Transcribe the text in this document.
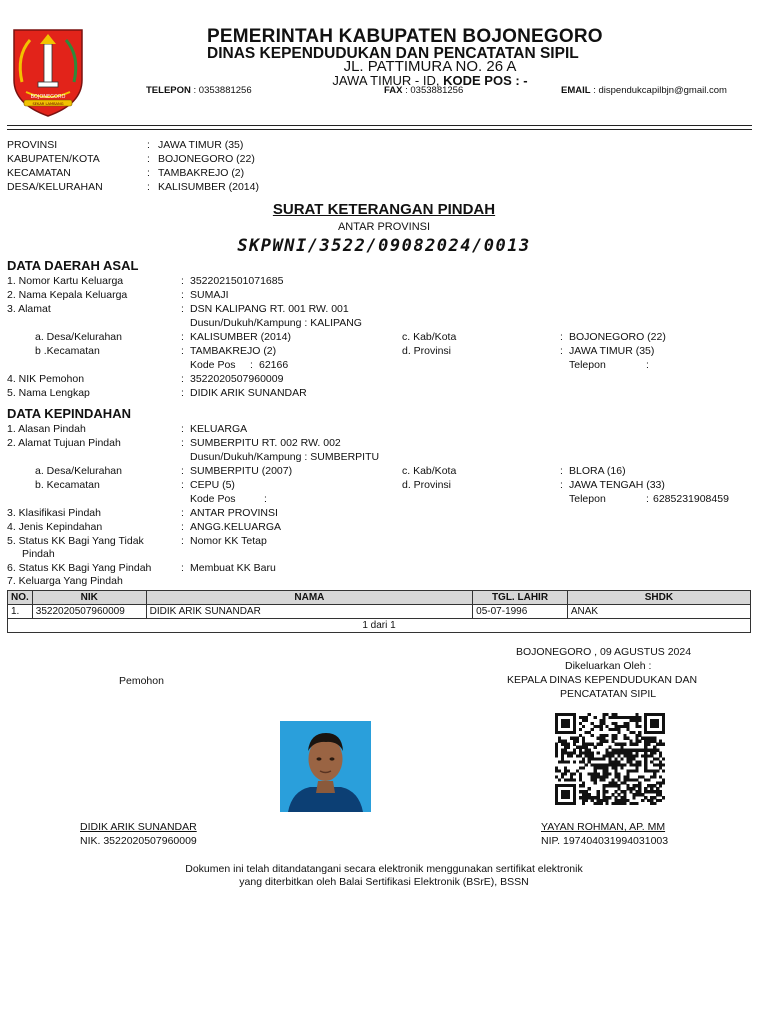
BOJONEGORO
SEKAR LAMBANG
PEMERINTAH KABUPATEN BOJONEGORO
DINAS KEPENDUDUKAN DAN PENCATATAN SIPIL
JL. PATTIMURA NO. 26 A
JAWA TIMUR - ID, KODE POS : -
TELEPON : 0353881256	FAX : 0353881256	EMAIL : dispendukcapilbjn@gmail.com
PROVINSI	: JAWA TIMUR (35)
KABUPATEN/KOTA	: BOJONEGORO (22)
KECAMATAN	: TAMBAKREJO (2)
DESA/KELURAHAN	: KALISUMBER (2014)
SURAT KETERANGAN PINDAH
ANTAR PROVINSI
SKPWNI/3522/09082024/0013
DATA DAERAH ASAL
1. Nomor Kartu Keluarga	: 3522021501071685
2. Nama Kepala Keluarga	: SUMAJI
3. Alamat	: DSN KALIPANG RT. 001 RW. 001
Dusun/Dukuh/Kampung : KALIPANG
a. Desa/Kelurahan	: KALISUMBER (2014)	c. Kab/Kota	: BOJONEGORO (22)
b .Kecamatan	: TAMBAKREJO (2)	d. Provinsi	: JAWA TIMUR (35)
Kode Pos : 62166	Telepon	:
4. NIK Pemohon	: 3522020507960009
5. Nama Lengkap	: DIDIK ARIK SUNANDAR
DATA KEPINDAHAN
1. Alasan Pindah	: KELUARGA
2. Alamat Tujuan Pindah	: SUMBERPITU RT. 002 RW. 002
Dusun/Dukuh/Kampung : SUMBERPITU
a. Desa/Kelurahan	: SUMBERPITU (2007)	c. Kab/Kota	: BLORA (16)
b. Kecamatan	: CEPU (5)	d. Provinsi	: JAWA TENGAH (33)
Kode Pos	:	Telepon	: 6285231908459
3. Klasifikasi Pindah	: ANTAR PROVINSI
4. Jenis Kepindahan	: ANGG.KELUARGA
5. Status KK Bagi Yang Tidak
Pindah
: Nomor KK Tetap
6. Status KK Bagi Yang Pindah	: Membuat KK Baru
7. Keluarga Yang Pindah
NO.	NIK	NAMA	TGL. LAHIR	SHDK
1.	3522020507960009	DIDIK ARIK SUNANDAR	05-07-1996	ANAK
1 dari 1				
BOJONEGORO , 09 AGUSTUS 2024
Dikeluarkan Oleh :
KEPALA DINAS KEPENDUDUKAN DAN
PENCATATAN SIPIL
Pemohon
DIDIK ARIK SUNANDAR
NIK. 3522020507960009
YAYAN ROHMAN, AP. MM
NIP. 197404031994031003
Dokumen ini telah ditandatangani secara elektronik menggunakan sertifikat elektronik
yang diterbitkan oleh Balai Sertifikasi Elektronik (BSrE), BSSN
